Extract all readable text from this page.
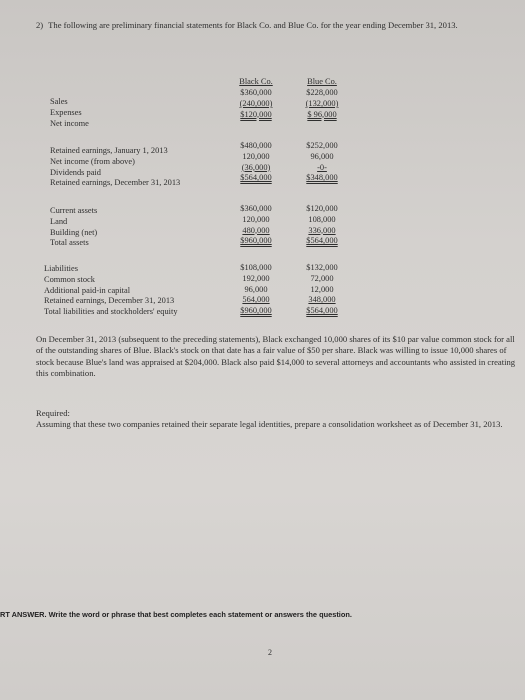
2) The following are preliminary financial statements for Black Co. and Blue Co. for the year ending December 31, 2013.
Black Co.	Blue Co.
Sales
Expenses
Net income
$360,000
(240,000)
$120,000
$228,000
(132,000)
$ 96,000
Retained earnings, January 1, 2013
Net income (from above)
Dividends paid
Retained earnings, December 31, 2013
$480,000
120,000
(36,000)
$564,000
$252,000
96,000
-0-
$348,000
Current assets
Land
Building (net)
Total assets
$360,000
120,000
480,000
$960,000
$120,000
108,000
336,000
$564,000
Liabilities
Common stock
Additional paid-in capital
Retained earnings, December 31, 2013
Total liabilities and stockholders' equity
$108,000
192,000
96,000
564,000
$960,000
$132,000
72,000
12,000
348,000
$564,000
On December 31, 2013 (subsequent to the preceding statements), Black exchanged 10,000 shares of its $10 par value common stock for all of the outstanding shares of Blue. Black's stock on that date has a fair value of $50 per share. Black was willing to issue 10,000 shares of stock because Blue's land was appraised at $204,000. Black also paid $14,000 to several attorneys and accountants who assisted in creating this combination.
Required:
Assuming that these two companies retained their separate legal identities, prepare a consolidation worksheet as of December 31, 2013.
RT ANSWER. Write the word or phrase that best completes each statement or answers the question.
2
